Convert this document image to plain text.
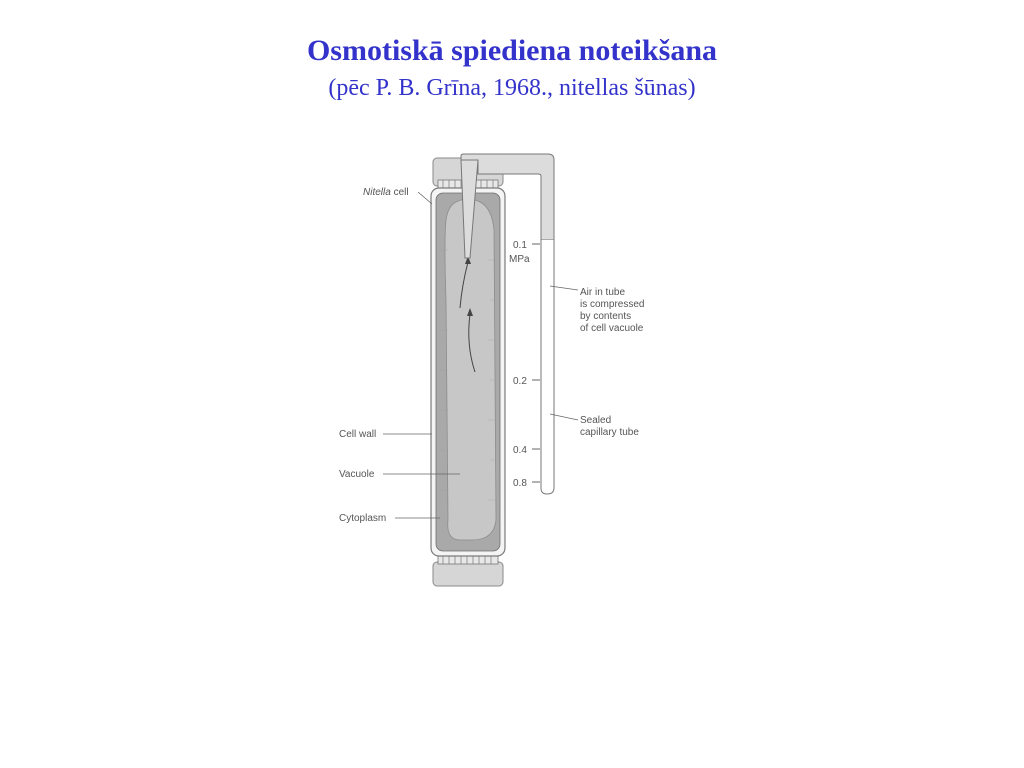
Osmotiskā spiediena noteikšana

(pēc P. B. Grīna, 1968., nitellas šūnas)

0.1
MPa
0.2
0.4
0.8
Nitella cell
Cell wall
Vacuole
Cytoplasm
Air in tube is compressed by contents of cell vacuole
Sealed capillary tube
